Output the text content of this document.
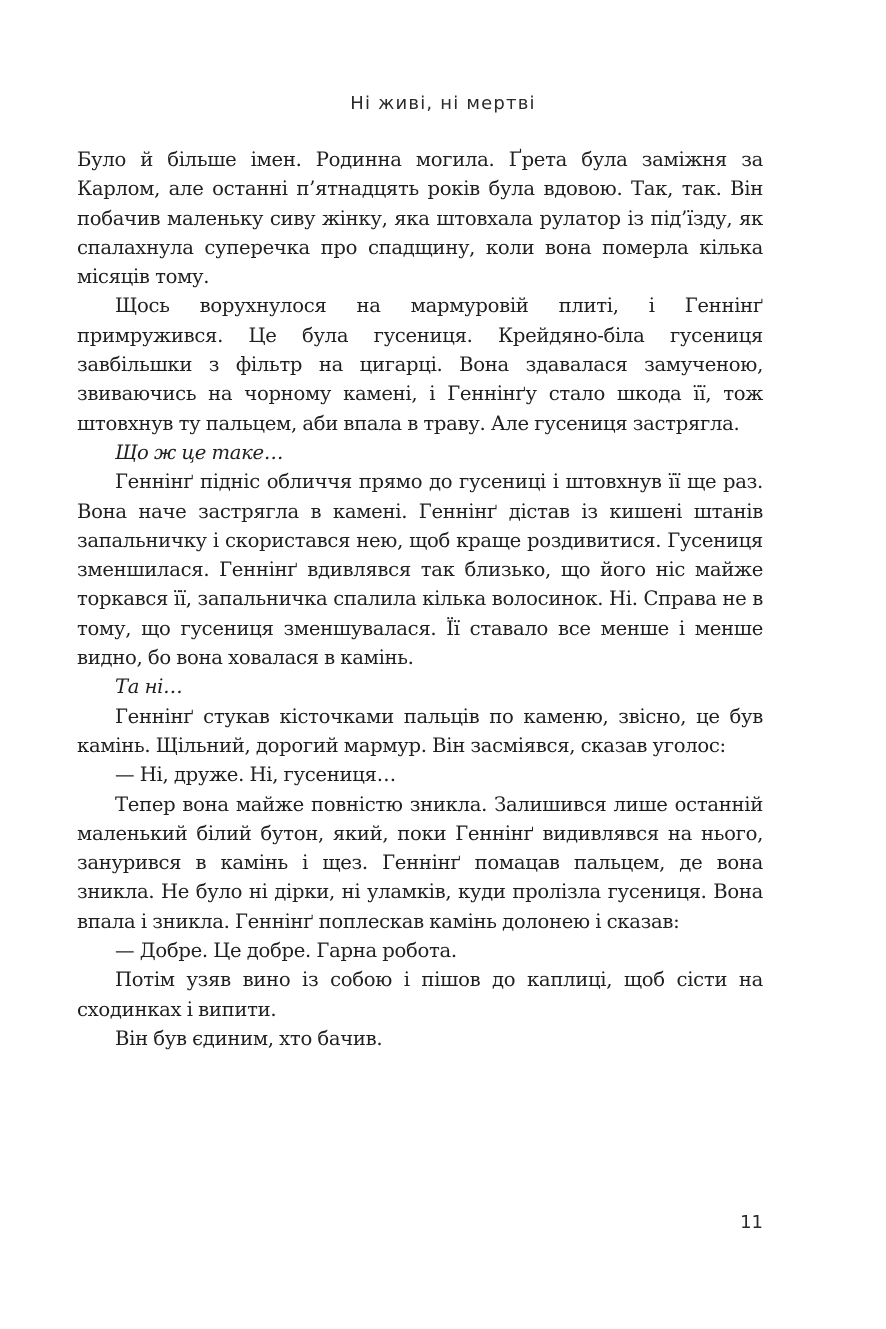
Ні живі, ні мертві

Було й більше імен. Родинна могила. Ґрета була заміжня за Карлом, але останні п’ятнадцять років була вдовою. Так, так. Він побачив маленьку сиву жінку, яка штовхала рулатор із під’їзду, як спалахнула суперечка про спадщину, коли вона померла кілька місяців тому.

Щось ворухнулося на мармуровій плиті, і Геннінґ примружився. Це була гусениця. Крейдяно-біла гусениця завбільшки з фільтр на цигарці. Вона здавалася замученою, звиваючись на чорному камені, і Геннінґу стало шкода її, тож штовхнув ту пальцем, аби впала в траву. Але гусениця застрягла.

Що ж це таке…

Геннінґ підніс обличчя прямо до гусениці і штовхнув її ще раз. Вона наче застрягла в камені. Геннінґ дістав із кишені штанів запальничку і скористався нею, щоб краще роздивитися. Гусениця зменшилася. Геннінґ вдивлявся так близько, що його ніс майже торкався її, запальничка спалила кілька волосинок. Ні. Справа не в тому, що гусениця зменшувалася. Її ставало все менше і менше видно, бо вона ховалася в камінь.

Та ні…

Геннінґ стукав кісточками пальців по каменю, звісно, це був камінь. Щільний, дорогий мармур. Він засміявся, сказав уголос:

— Ні, друже. Ні, гусениця…

Тепер вона майже повністю зникла. Залишився лише останній маленький білий бутон, який, поки Геннінґ видивлявся на нього, занурився в камінь і щез. Геннінґ помацав пальцем, де вона зникла. Не було ні дірки, ні уламків, куди пролізла гусениця. Вона впала і зникла. Геннінґ поплескав камінь долонею і сказав:

— Добре. Це добре. Гарна робота.

Потім узяв вино із собою і пішов до каплиці, щоб сісти на сходинках і випити.

Він був єдиним, хто бачив.

11
